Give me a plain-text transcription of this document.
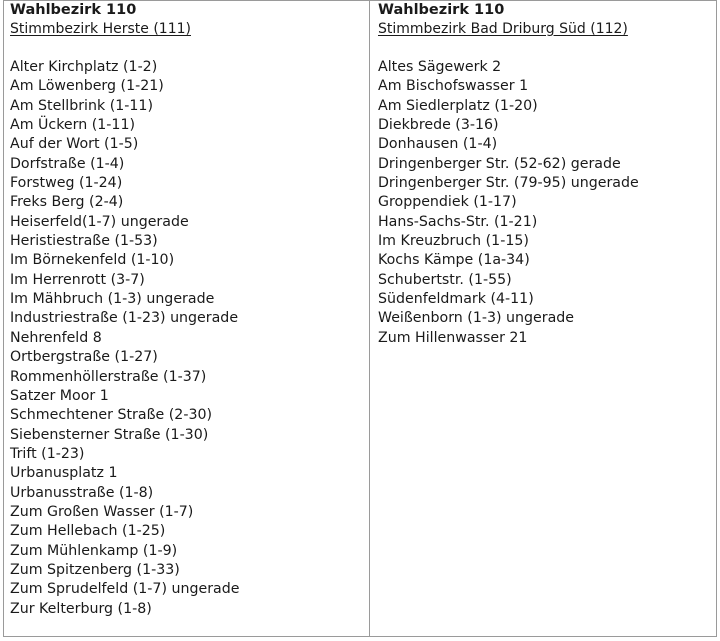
Wahlbezirk 110
Stimmbezirk Herste (111)
Alter Kirchplatz (1-2)
Am Löwenberg (1-21)
Am Stellbrink (1-11)
Am Ückern (1-11)
Auf der Wort (1-5)
Dorfstraße (1-4)
Forstweg (1-24)
Freks Berg (2-4)
Heiserfeld(1-7) ungerade
Heristiestraße (1-53)
Im Börnekenfeld (1-10)
Im Herrenrott (3-7)
Im Mähbruch (1-3) ungerade
Industriestraße (1-23) ungerade
Nehrenfeld 8
Ortbergstraße (1-27)
Rommenhöllerstraße (1-37)
Satzer Moor 1
Schmechtener Straße (2-30)
Siebensterner Straße (1-30)
Trift (1-23)
Urbanusplatz 1
Urbanusstraße (1-8)
Zum Großen Wasser (1-7)
Zum Hellebach (1-25)
Zum Mühlenkamp (1-9)
Zum Spitzenberg (1-33)
Zum Sprudelfeld (1-7) ungerade
Zur Kelterburg (1-8)
Wahlbezirk 110
Stimmbezirk Bad Driburg Süd (112)
Altes Sägewerk 2
Am Bischofswasser 1
Am Siedlerplatz (1-20)
Diekbrede (3-16)
Donhausen (1-4)
Dringenberger Str. (52-62) gerade
Dringenberger Str. (79-95) ungerade
Groppendiek (1-17)
Hans-Sachs-Str. (1-21)
Im Kreuzbruch (1-15)
Kochs Kämpe (1a-34)
Schubertstr. (1-55)
Südenfeldmark (4-11)
Weißenborn (1-3) ungerade
Zum Hillenwasser 21
